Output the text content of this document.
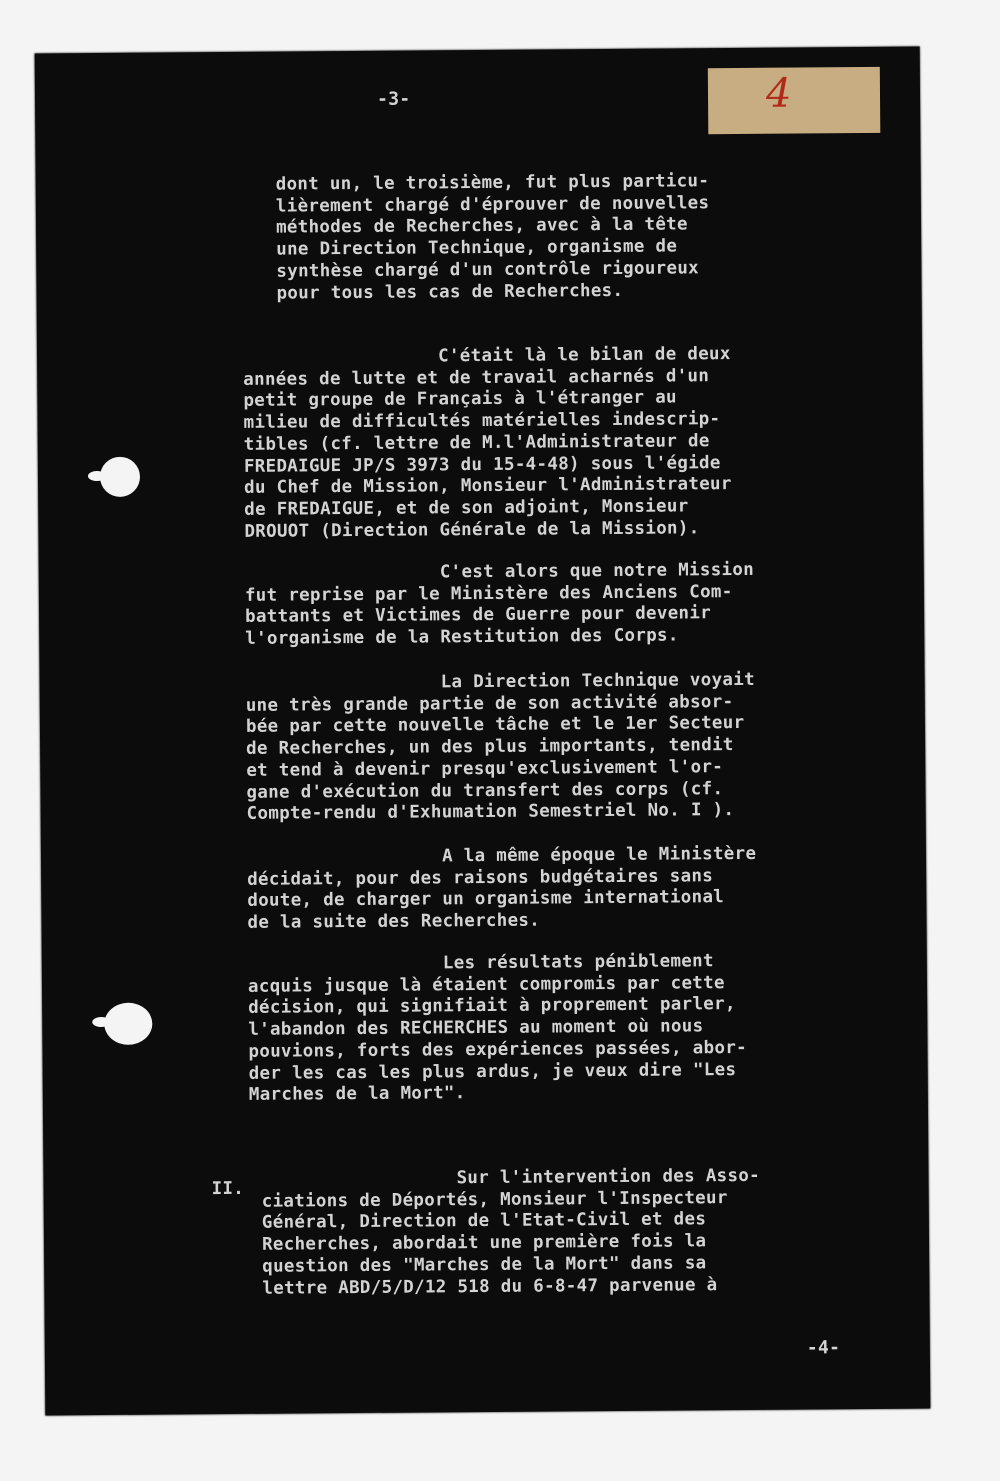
4

-3-

dont un, le troisième, fut plus particu-
lièrement chargé d'éprouver de nouvelles
méthodes de Recherches, avec à la tête
une Direction Technique, organisme de
synthèse chargé d'un contrôle rigoureux
pour tous les cas de Recherches.

C'était là le bilan de deux
années de lutte et de travail acharnés d'un
petit groupe de Français à l'étranger au
milieu de difficultés matérielles indescrip-
tibles (cf. lettre de M.l'Administrateur de
FREDAIGUE JP/S 3973 du 15-4-48) sous l'égide
du Chef de Mission, Monsieur l'Administrateur
de FREDAIGUE, et de son adjoint, Monsieur
DROUOT (Direction Générale de la Mission).

C'est alors que notre Mission
fut reprise par le Ministère des Anciens Com-
battants et Victimes de Guerre pour devenir
l'organisme de la Restitution des Corps.

La Direction Technique voyait
une très grande partie de son activité absor-
bée par cette nouvelle tâche et le 1er Secteur
de Recherches, un des plus importants, tendit
et tend à devenir presqu'exclusivement l'or-
gane d'exécution du transfert des corps (cf.
Compte-rendu d'Exhumation Semestriel No. I ).

A la même époque le Ministère
décidait, pour des raisons budgétaires sans
doute, de charger un organisme international
de la suite des Recherches.

Les résultats péniblement
acquis jusque là étaient compromis par cette
décision, qui signifiait à proprement parler,
l'abandon des RECHERCHES au moment où nous
pouvions, forts des expériences passées, abor-
der les cas les plus ardus, je veux dire "Les
Marches de la Mort".

II. Sur l'intervention des Asso-
ciations de Déportés, Monsieur l'Inspecteur
Général, Direction de l'Etat-Civil et des
Recherches, abordait une première fois la
question des "Marches de la Mort" dans sa
lettre ABD/5/D/12 518 du 6-8-47 parvenue à

-4-
